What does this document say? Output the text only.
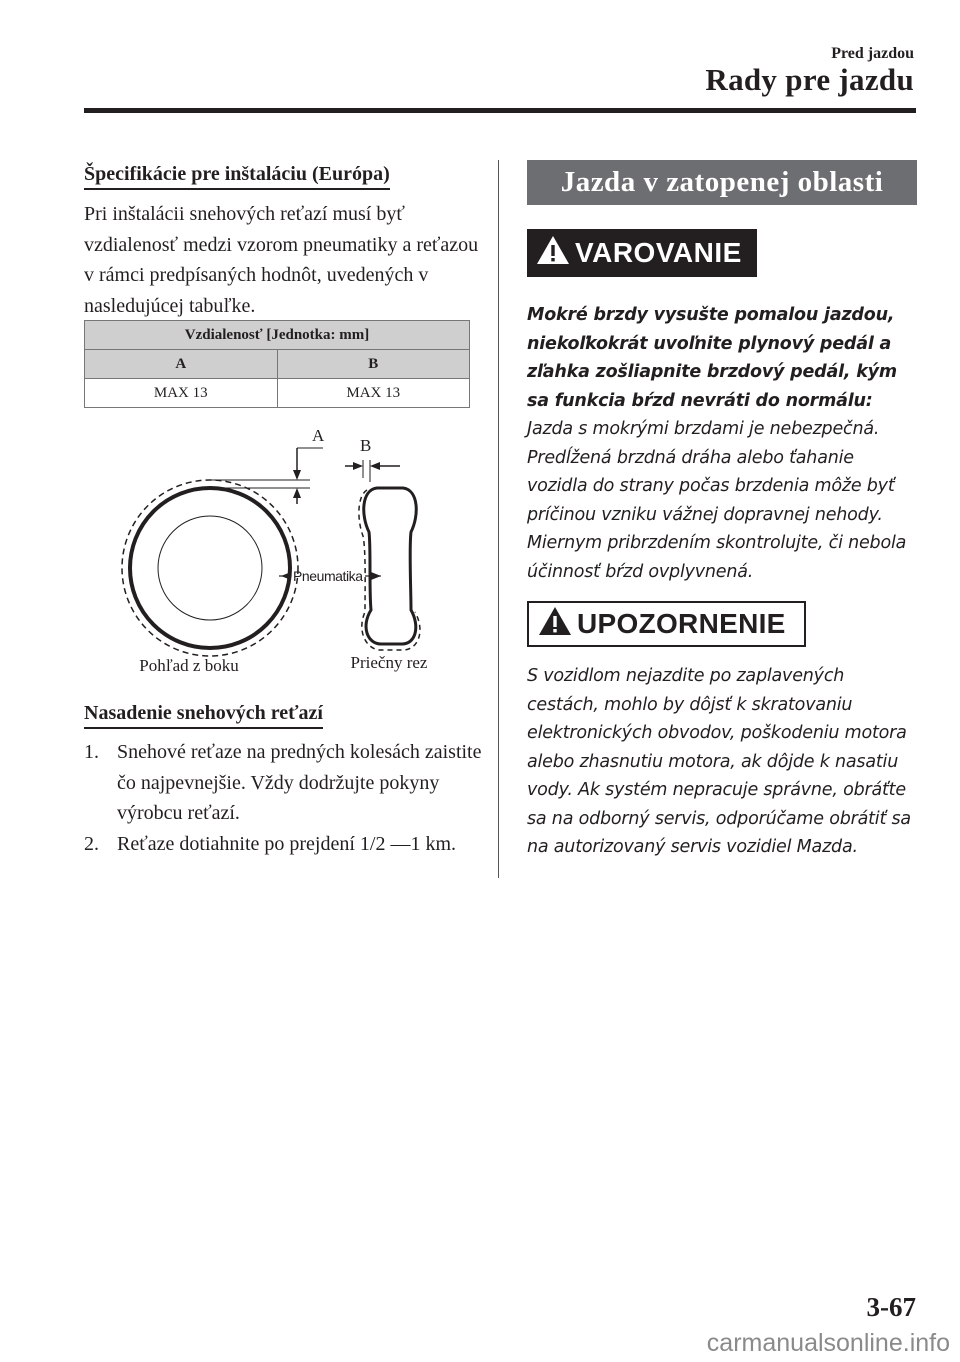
Pred jazdou
Rady pre jazdu
Špecifikácie pre inštaláciu (Európa)
Pri inštalácii snehových reťazí musí byť vzdialenosť medzi vzorom pneumatiky a reťazou v rámci predpísaných hodnôt, uvedených v nasledujúcej tabuľke.
Vzdialenosť [Jednotka: mm]	
A	B
MAX 13	MAX 13
A
B
Pneumatika
Pohľad z boku	Priečny rez
Nasadenie snehových reťazí
1. Snehové reťaze na predných kolesách zaistite čo najpevnejšie. Vždy dodržujte pokyny výrobcu reťazí.
2. Reťaze dotiahnite po prejdení 1/2 ―1 km.
Jazda v zatopenej oblasti
VAROVANIE
Mokré brzdy vysušte pomalou jazdou, niekoľkokrát uvoľnite plynový pedál a zľahka zošliapnite brzdový pedál, kým sa funkcia bŕzd nevráti do normálu:
Jazda s mokrými brzdami je nebezpečná. Predĺžená brzdná dráha alebo ťahanie vozidla do strany počas brzdenia môže byť príčinou vzniku vážnej dopravnej nehody. Miernym pribrzdením skontrolujte, či nebola účinnosť bŕzd ovplyvnená.
UPOZORNENIE
S vozidlom nejazdite po zaplavených cestách, mohlo by dôjsť k skratovaniu elektronických obvodov, poškodeniu motora alebo zhasnutiu motora, ak dôjde k nasatiu vody. Ak systém nepracuje správne, obráťte sa na odborný servis, odporúčame obrátiť sa na autorizovaný servis vozidiel Mazda.
3-67
carmanualsonline.info
